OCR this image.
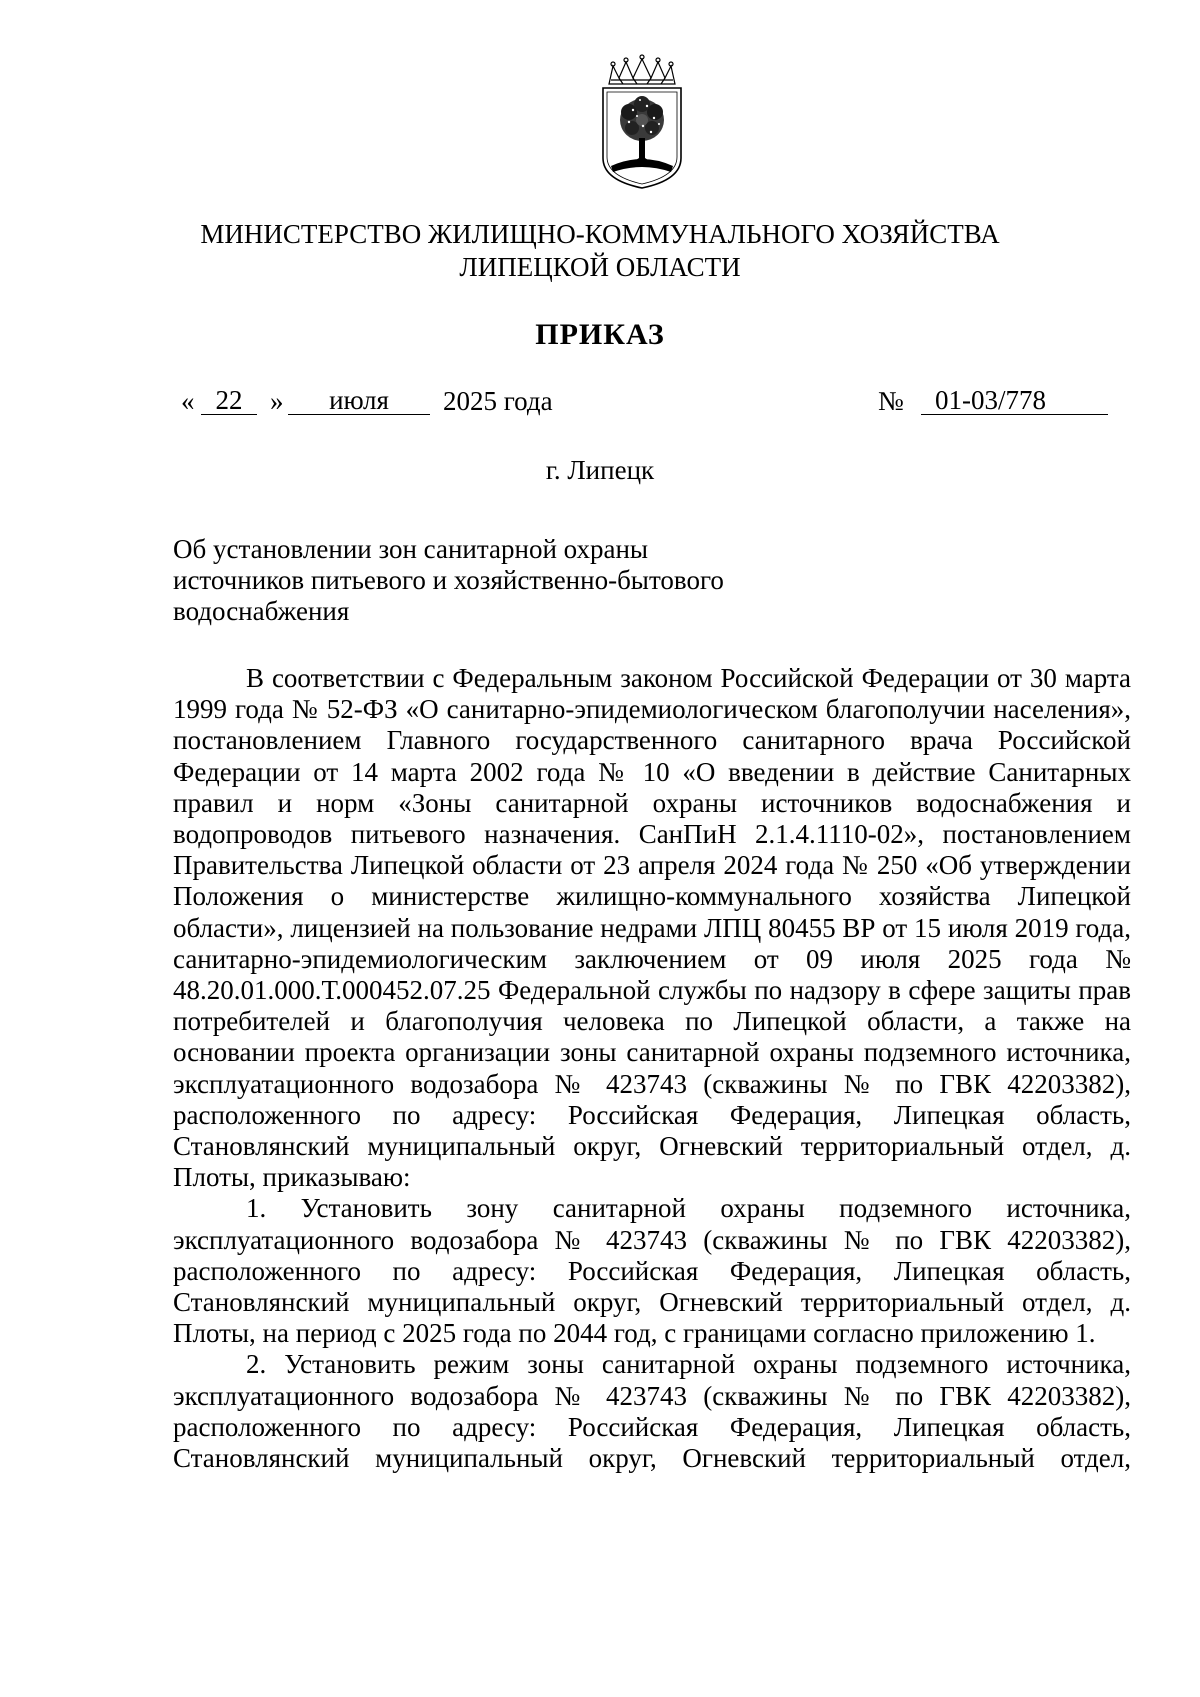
МИНИСТЕРСТВО ЖИЛИЩНО-КОММУНАЛЬНОГО ХОЗЯЙСТВА
ЛИПЕЦКОЙ ОБЛАСТИ
ПРИКАЗ
« 22	»	июля	2025 года	№	01-03/778
г. Липецк
Об установлении зон санитарной охраны
источников питьевого и хозяйственно-бытового
водоснабжения

В соответствии с Федеральным законом Российской Федерации от 30 марта 1999 года № 52-ФЗ «О санитарно-эпидемиологическом благополучии населения», постановлением Главного государственного санитарного врача Российской Федерации от 14 марта 2002 года № 10 «О введении в действие Санитарных правил и норм «Зоны санитарной охраны источников водоснабжения и водопроводов питьевого назначения. СанПиН 2.1.4.1110-02», постановлением Правительства Липецкой области от 23 апреля 2024 года № 250 «Об утверждении Положения о министерстве жилищно-коммунального хозяйства Липецкой области», лицензией на пользование недрами ЛПЦ 80455 ВР от 15 июля 2019 года, санитарно-эпидемиологическим заключением от 09 июля 2025 года № 48.20.01.000.Т.000452.07.25 Федеральной службы по надзору в сфере защиты прав потребителей и благополучия человека по Липецкой области, а также на основании проекта организации зоны санитарной охраны подземного источника, эксплуатационного водозабора № 423743 (скважины № по ГВК 42203382), расположенного по адресу: Российская Федерация, Липецкая область, Становлянский муниципальный округ, Огневский территориальный отдел, д. Плоты, приказываю:

1. Установить зону санитарной охраны подземного источника, эксплуатационного водозабора № 423743 (скважины № по ГВК 42203382), расположенного по адресу: Российская Федерация, Липецкая область, Становлянский муниципальный округ, Огневский территориальный отдел, д. Плоты, на период с 2025 года по 2044 год, с границами согласно приложению 1.

2. Установить режим зоны санитарной охраны подземного источника, эксплуатационного водозабора № 423743 (скважины № по ГВК 42203382), расположенного по адресу: Российская Федерация, Липецкая область, Становлянский муниципальный округ, Огневский территориальный отдел,
